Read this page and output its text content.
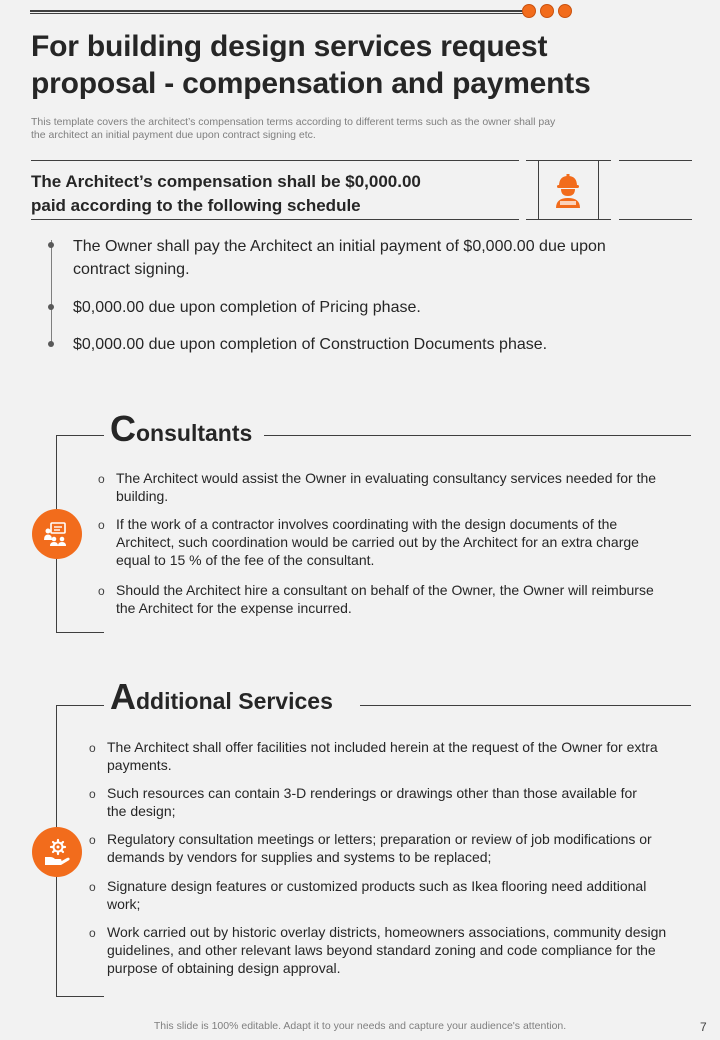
For building design services request
proposal - compensation and payments
This template covers the architect’s compensation terms according to different terms such as the owner shall pay the architect an initial payment due upon contract signing etc.
The Architect’s compensation shall be $0,000.00
paid according to the following schedule
The Owner shall pay the Architect an initial payment of $0,000.00 due upon contract signing.
$0,000.00 due upon completion of Pricing phase.
$0,000.00 due upon completion of Construction Documents phase.
Consultants
o The Architect would assist the Owner in evaluating consultancy services needed for the building.
o If the work of a contractor involves coordinating with the design documents of the Architect, such coordination would be carried out by the Architect for an extra charge equal to 15 % of the fee of the consultant.
o Should the Architect hire a consultant on behalf of the Owner, the Owner will reimburse the Architect for the expense incurred.
Additional Services
o The Architect shall offer facilities not included herein at the request of the Owner for extra payments.
o Such resources can contain 3-D renderings or drawings other than those available for the design;
o Regulatory consultation meetings or letters; preparation or review of job modifications or demands by vendors for supplies and systems to be replaced;
o Signature design features or customized products such as Ikea flooring need additional work;
o Work carried out by historic overlay districts, homeowners associations, community design guidelines, and other relevant laws beyond standard zoning and code compliance for the purpose of obtaining design approval.
This slide is 100% editable. Adapt it to your needs and capture your audience's attention.	7
